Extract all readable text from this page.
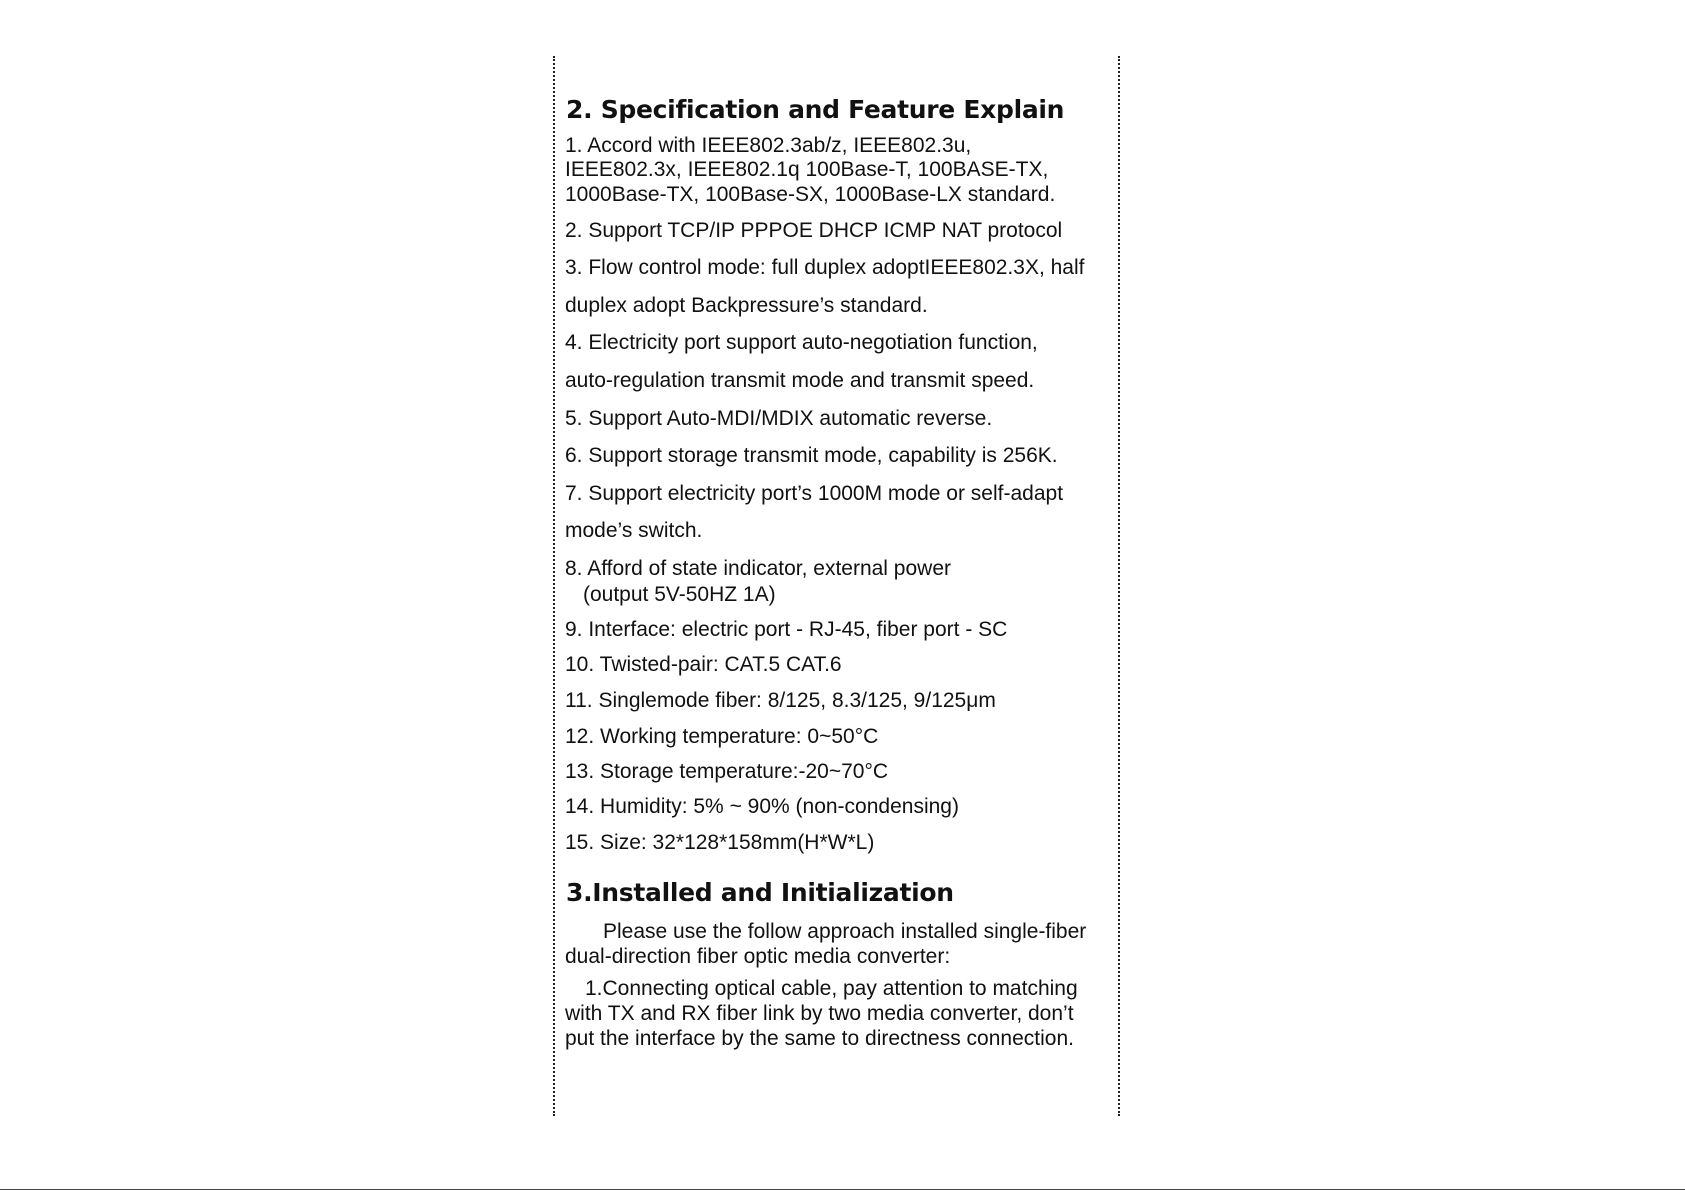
2. Specification and Feature Explain
1. Accord with IEEE802.3ab/z, IEEE802.3u,
IEEE802.3x, IEEE802.1q 100Base-T, 100BASE-TX,
1000Base-TX, 100Base-SX, 1000Base-LX standard.
2. Support TCP/IP PPPOE DHCP ICMP NAT protocol
3. Flow control mode: full duplex adoptIEEE802.3X, half
duplex adopt Backpressure’s standard.
4. Electricity port support auto-negotiation function,
auto-regulation transmit mode and transmit speed.
5. Support Auto-MDI/MDIX automatic reverse.
6. Support storage transmit mode, capability is 256K.
7. Support electricity port’s 1000M mode or self-adapt
mode’s switch.
8. Afford of state indicator, external power
(output 5V-50HZ 1A)
9. Interface: electric port - RJ-45, fiber port - SC
10. Twisted-pair: CAT.5 CAT.6
11. Singlemode fiber: 8/125, 8.3/125, 9/125μm
12. Working temperature: 0~50°C
13. Storage temperature:-20~70°C
14. Humidity: 5% ~ 90% (non-condensing)
15. Size: 32*128*158mm(H*W*L)
3.Installed and Initialization
Please use the follow approach installed single-fiber
dual-direction fiber optic media converter:
1.Connecting optical cable, pay attention to matching
with TX and RX fiber link by two media converter, don’t
put the interface by the same to directness connection.
